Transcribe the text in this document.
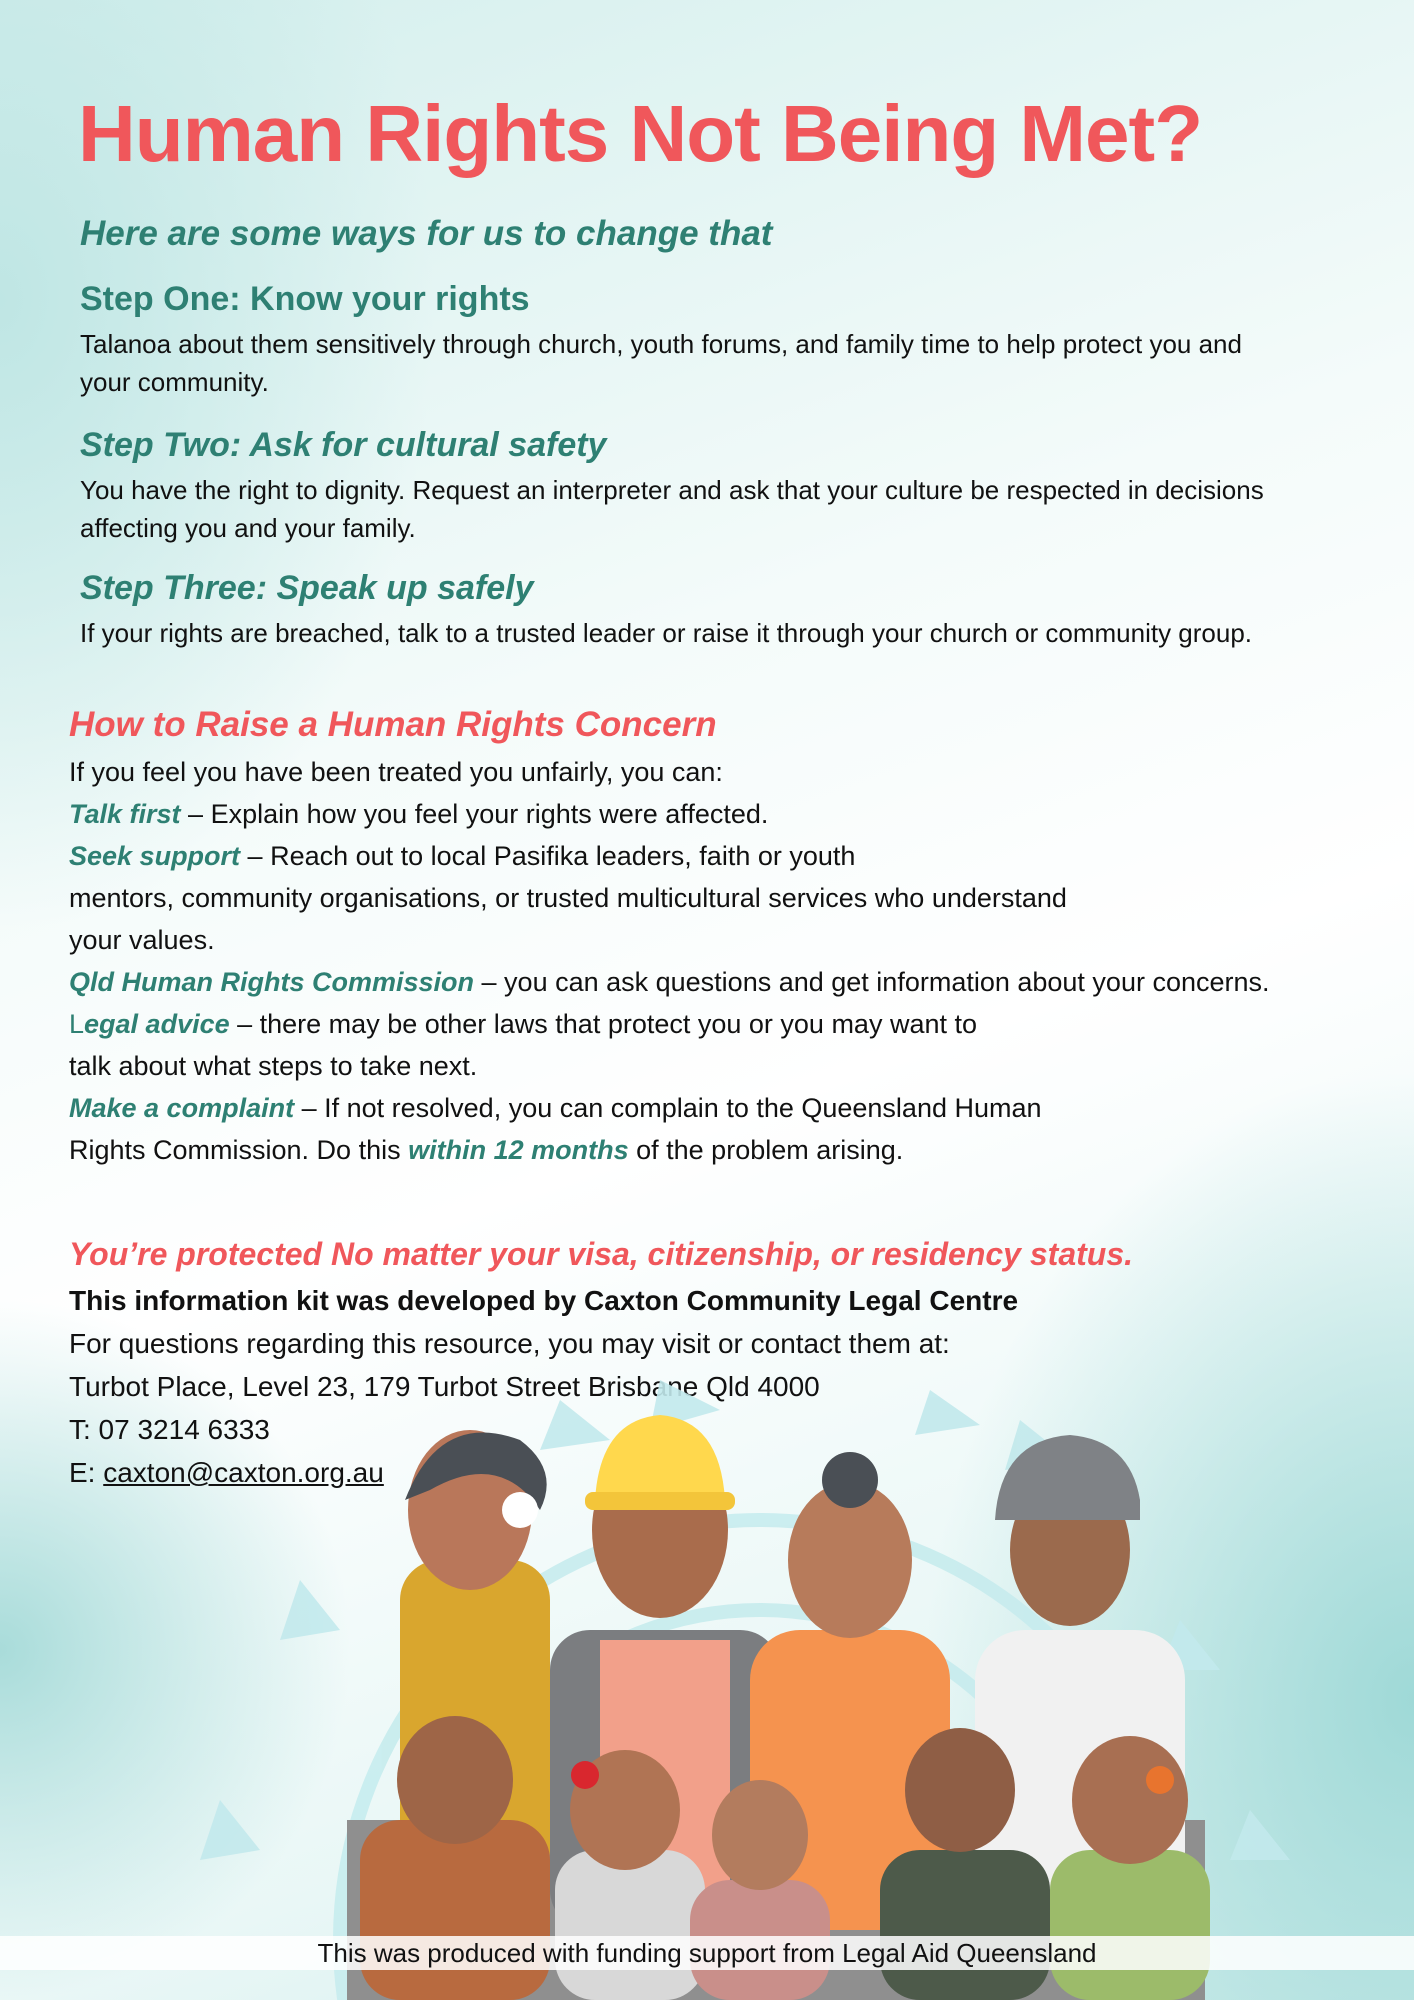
Human Rights Not Being Met?
Here are some ways for us to change that
Step One: Know your rights

Talanoa about them sensitively through church, youth forums, and family time to help protect you and
your community.

Step Two: Ask for cultural safety

You have the right to dignity. Request an interpreter and ask that your culture be respected in decisions
affecting you and your family.

Step Three: Speak up safely

If your rights are breached, talk to a trusted leader or raise it through your church or community group.

How to Raise a Human Rights Concern
If you feel you have been treated you unfairly, you can:
Talk first – Explain how you feel your rights were affected.
Seek support – Reach out to local Pasifika leaders, faith or youth
mentors, community organisations, or trusted multicultural services who understand
your values.
Qld Human Rights Commission – you can ask questions and get information about your concerns.
Legal advice – there may be other laws that protect you or you may want to
talk about what steps to take next.
Make a complaint – If not resolved, you can complain to the Queensland Human
Rights Commission. Do this within 12 months of the problem arising.

You’re protected No matter your visa, citizenship, or residency status.

This information kit was developed by Caxton Community Legal Centre
For questions regarding this resource, you may visit or contact them at:
Turbot Place, Level 23, 179 Turbot Street Brisbane Qld 4000
T: 07 3214 6333
E: caxton@caxton.org.au
This was produced with funding support from Legal Aid Queensland
